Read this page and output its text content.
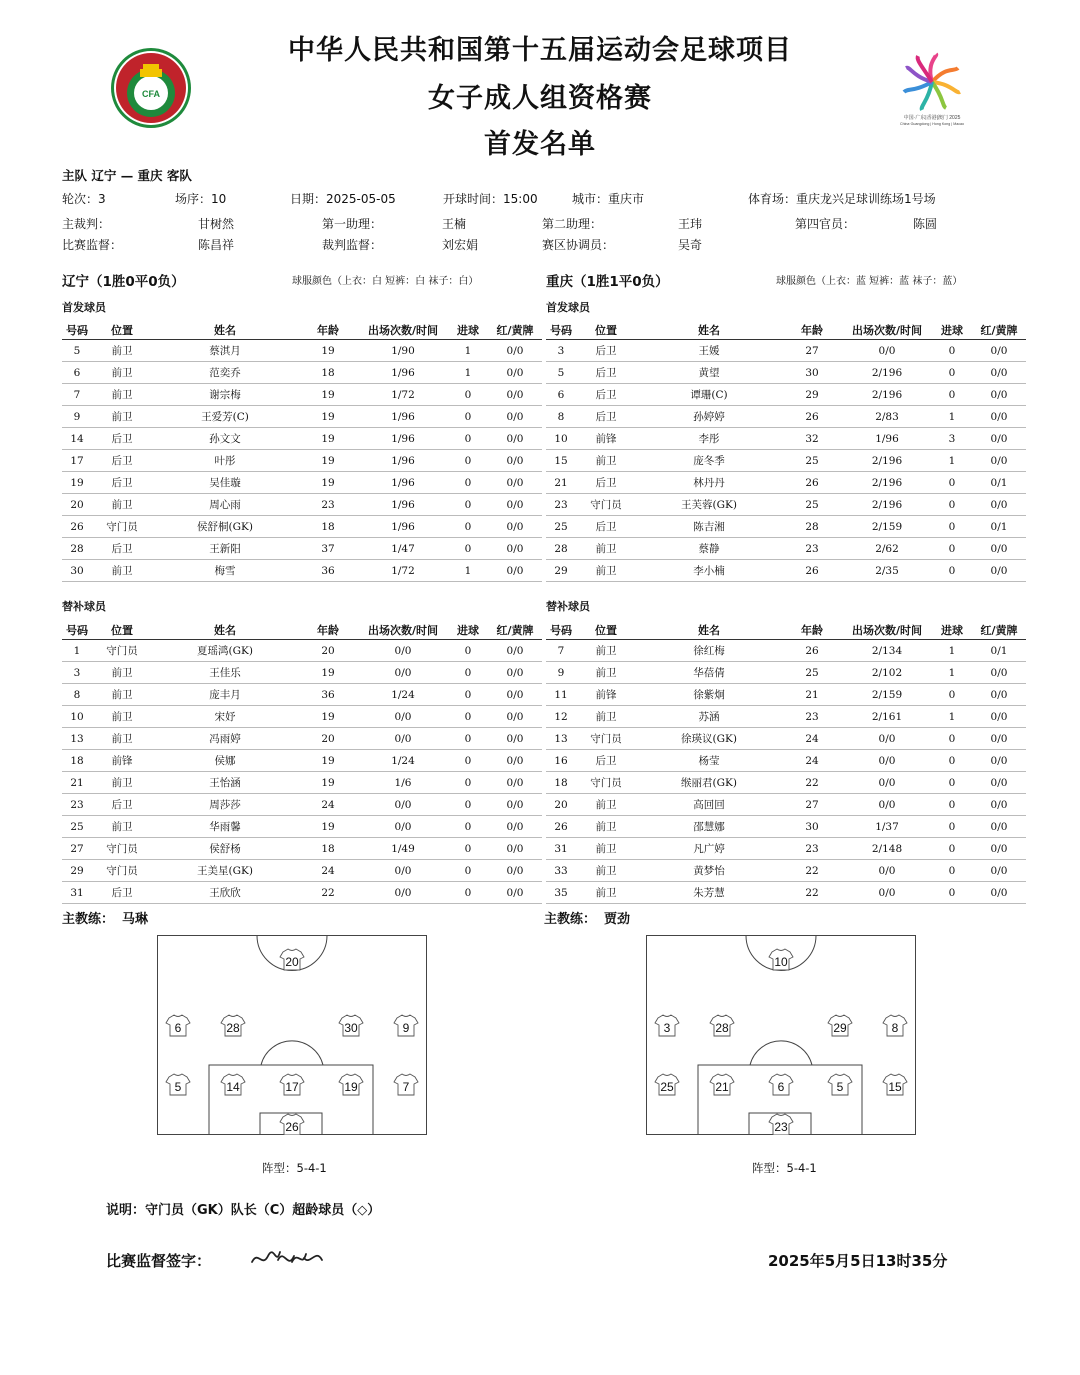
中华人民共和国第十五届运动会足球项目
女子成人组资格赛
首发名单
CFA
中国·广东|香港|澳门 2025
China·Guangdong | Hong Kong | Macao
主队 辽宁 — 重庆 客队
轮次：3	场序：10	日期：2025-05-05	开球时间：15:00	城市：重庆市	体育场：重庆龙兴足球训练场1号场
主裁判：	甘树然	第一助理：	王楠	第二助理：	王玮	第四官员：	陈圆
比赛监督：	陈昌祥	裁判监督：	刘宏娟	赛区协调员：	吴奇
辽宁（1胜0平0负）	球服颜色（上衣：白 短裤：白 袜子：白）	重庆（1胜1平0负）	球服颜色（上衣：蓝 短裤：蓝 袜子：蓝）
首发球员	首发球员
号码	位置	姓名	年龄	出场次数/时间	进球	红/黄牌
5	前卫	蔡淇月	19	1/90	1	0/0
6	前卫	范奕乔	18	1/96	1	0/0
7	前卫	谢宗梅	19	1/72	0	0/0
9	前卫	王爱芳(C)	19	1/96	0	0/0
14	后卫	孙文文	19	1/96	0	0/0
17	后卫	叶彤	19	1/96	0	0/0
19	后卫	吴佳璇	19	1/96	0	0/0
20	前卫	周心雨	23	1/96	0	0/0
26	守门员	侯舒桐(GK)	18	1/96	0	0/0
28	后卫	王新阳	37	1/47	0	0/0
30	前卫	梅雪	36	1/72	1	0/0
号码	位置	姓名	年龄	出场次数/时间	进球	红/黄牌
3	后卫	王媛	27	0/0	0	0/0
5	后卫	黄望	30	2/196	0	0/0
6	后卫	谭珊(C)	29	2/196	0	0/0
8	后卫	孙婷婷	26	2/83	1	0/0
10	前锋	李彤	32	1/96	3	0/0
15	前卫	庞冬季	25	2/196	1	0/0
21	后卫	林丹丹	26	2/196	0	0/1
23	守门员	王芙蓉(GK)	25	2/196	0	0/0
25	后卫	陈吉湘	28	2/159	0	0/1
28	前卫	蔡静	23	2/62	0	0/0
29	前卫	李小楠	26	2/35	0	0/0
替补球员	替补球员
号码	位置	姓名	年龄	出场次数/时间	进球	红/黄牌
1	守门员	夏瑶鸿(GK)	20	0/0	0	0/0
3	前卫	王佳乐	19	0/0	0	0/0
8	前卫	庞丰月	36	1/24	0	0/0
10	前卫	宋妤	19	0/0	0	0/0
13	前卫	冯雨婷	20	0/0	0	0/0
18	前锋	侯娜	19	1/24	0	0/0
21	前卫	王怡涵	19	1/6	0	0/0
23	后卫	周莎莎	24	0/0	0	0/0
25	前卫	华雨馨	19	0/0	0	0/0
27	守门员	侯舒杨	18	1/49	0	0/0
29	守门员	王美星(GK)	24	0/0	0	0/0
31	后卫	王欣欣	22	0/0	0	0/0
号码	位置	姓名	年龄	出场次数/时间	进球	红/黄牌
7	前卫	徐红梅	26	2/134	1	0/1
9	前卫	华蓓倩	25	2/102	1	0/0
11	前锋	徐紫炯	21	2/159	0	0/0
12	前卫	苏涵	23	2/161	1	0/0
13	守门员	徐瑛议(GK)	24	0/0	0	0/0
16	后卫	杨莹	24	0/0	0	0/0
18	守门员	缑丽君(GK)	22	0/0	0	0/0
20	前卫	高回回	27	0/0	0	0/0
26	前卫	邵慧娜	30	1/37	0	0/0
31	前卫	凡广婷	23	2/148	0	0/0
33	前卫	黄梦怡	22	0/0	0	0/0
35	前卫	朱芳慧	22	0/0	0	0/0
主教练： 马琳	主教练： 贾劲
20
6	28	30	9
5	14	17	19	7
26
10
3	28	29	8
25	21	6	5	15
23
阵型：5-4-1	阵型：5-4-1
说明：守门员（GK）队长（C）超龄球员（◇）
比赛监督签字：	2025年5月5日13时35分
